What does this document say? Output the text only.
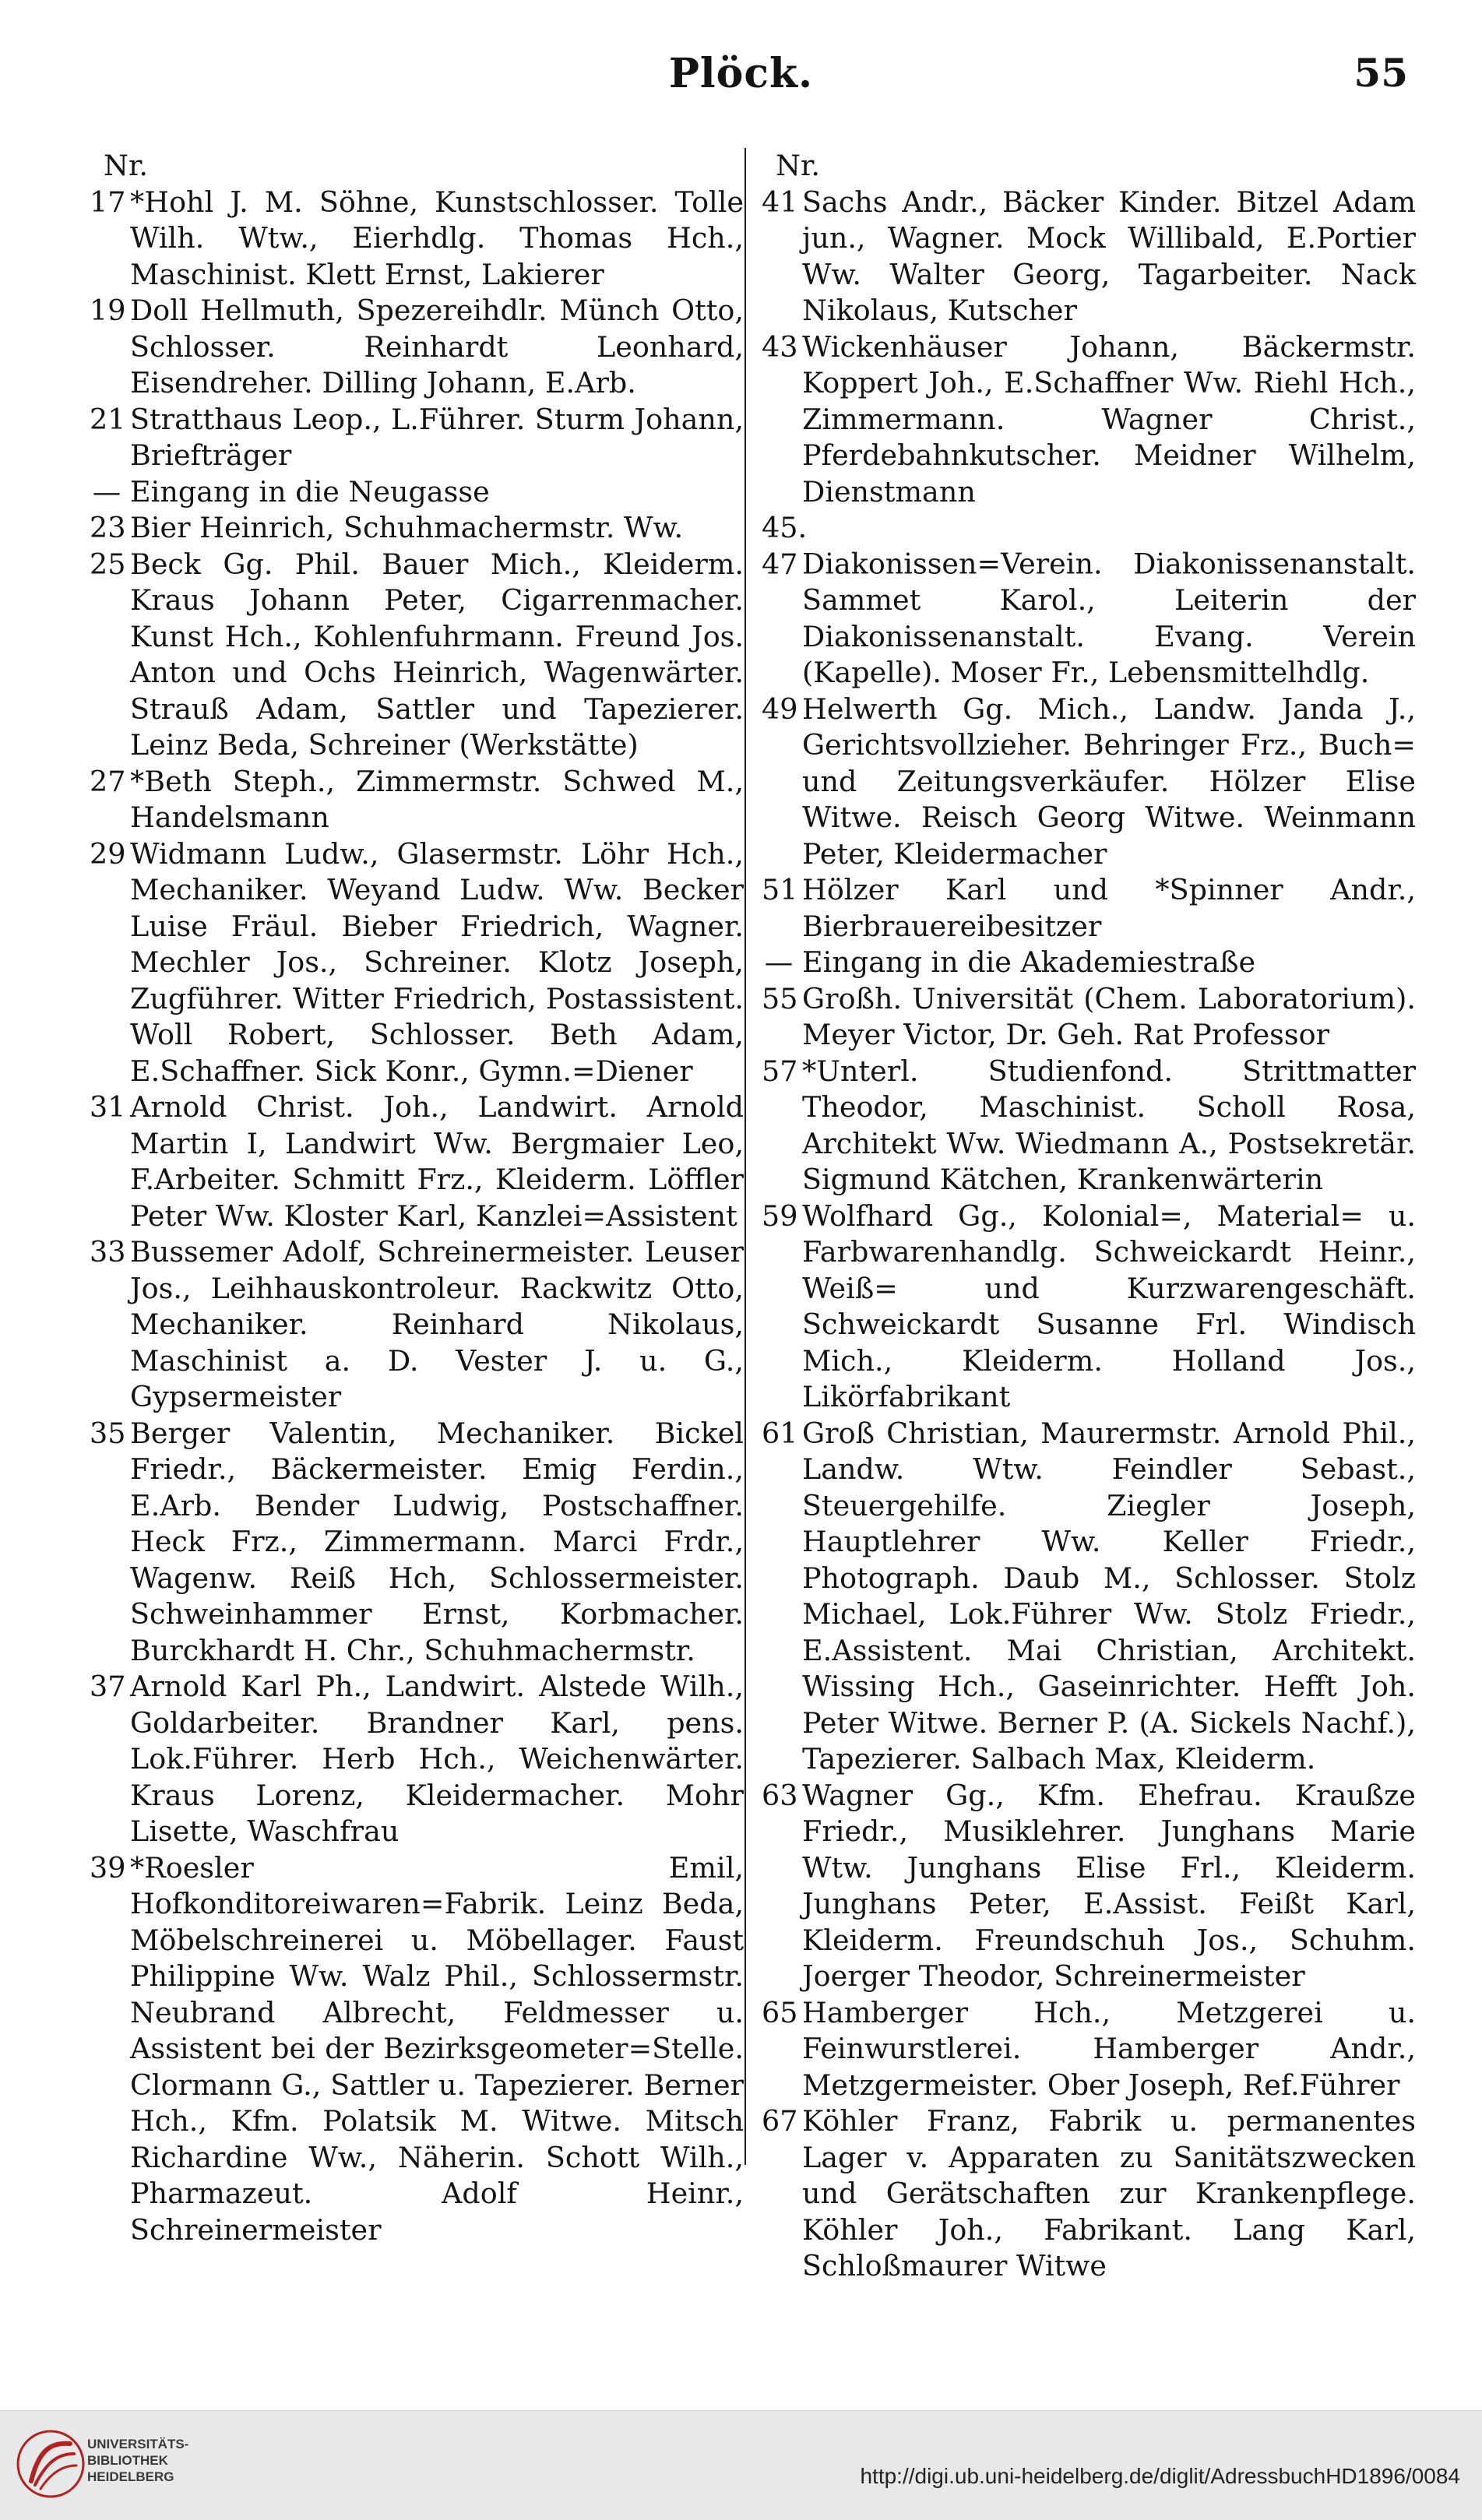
Plöck.	55
Nr.
17 *Hohl J. M. Söhne, Kunstschlosser. Tolle Wilh. Wtw., Eierhdlg. Thomas Hch., Maschinist. Klett Ernst, Lakierer
19 Doll Hellmuth, Spezereihdlr. Münch Otto, Schlosser. Reinhardt Leonhard, Eisendreher. Dilling Johann, E.Arb.
21 Stratthaus Leop., L.Führer. Sturm Johann, Briefträger
— Eingang in die Neugasse
23 Bier Heinrich, Schuhmachermstr. Ww.
25 Beck Gg. Phil. Bauer Mich., Kleiderm. Kraus Johann Peter, Cigarrenmacher. Kunst Hch., Kohlenfuhrmann. Freund Jos. Anton und Ochs Heinrich, Wagenwärter. Strauß Adam, Sattler und Tapezierer. Leinz Beda, Schreiner (Werkstätte)
27 *Beth Steph., Zimmermstr. Schwed M., Handelsmann
29 Widmann Ludw., Glasermstr. Löhr Hch., Mechaniker. Weyand Ludw. Ww. Becker Luise Fräul. Bieber Friedrich, Wagner. Mechler Jos., Schreiner. Klotz Joseph, Zugführer. Witter Friedrich, Postassistent. Woll Robert, Schlosser. Beth Adam, E.Schaffner. Sick Konr., Gymn.=Diener
31 Arnold Christ. Joh., Landwirt. Arnold Martin I, Landwirt Ww. Bergmaier Leo, F.Arbeiter. Schmitt Frz., Kleiderm. Löffler Peter Ww. Kloster Karl, Kanzlei=Assistent
33 Bussemer Adolf, Schreinermeister. Leuser Jos., Leihhauskontroleur. Rackwitz Otto, Mechaniker. Reinhard Nikolaus, Maschinist a. D. Vester J. u. G., Gypsermeister
35 Berger Valentin, Mechaniker. Bickel Friedr., Bäckermeister. Emig Ferdin., E.Arb. Bender Ludwig, Postschaffner. Heck Frz., Zimmermann. Marci Frdr., Wagenw. Reiß Hch, Schlossermeister. Schweinhammer Ernst, Korbmacher. Burckhardt H. Chr., Schuhmachermstr.
37 Arnold Karl Ph., Landwirt. Alstede Wilh., Goldarbeiter. Brandner Karl, pens. Lok.Führer. Herb Hch., Weichenwärter. Kraus Lorenz, Kleidermacher. Mohr Lisette, Waschfrau
39 *Roesler Emil, Hofkonditoreiwaren=Fabrik. Leinz Beda, Möbelschreinerei u. Möbellager. Faust Philippine Ww. Walz Phil., Schlossermstr. Neubrand Albrecht, Feldmesser u. Assistent bei der Bezirksgeometer=Stelle. Clormann G., Sattler u. Tapezierer. Berner Hch., Kfm. Polatsik M. Witwe. Mitsch Richardine Ww., Näherin. Schott Wilh., Pharmazeut. Adolf Heinr., Schreinermeister
Nr.
41 Sachs Andr., Bäcker Kinder. Bitzel Adam jun., Wagner. Mock Willibald, E.Portier Ww. Walter Georg, Tagarbeiter. Nack Nikolaus, Kutscher
43 Wickenhäuser Johann, Bäckermstr. Koppert Joh., E.Schaffner Ww. Riehl Hch., Zimmermann. Wagner Christ., Pferdebahnkutscher. Meidner Wilhelm, Dienstmann
45. 47 Diakonissen=Verein. Diakonissenanstalt. Sammet Karol., Leiterin der Diakonissenanstalt. Evang. Verein (Kapelle). Moser Fr., Lebensmittelhdlg.
49 Helwerth Gg. Mich., Landw. Janda J., Gerichtsvollzieher. Behringer Frz., Buch= und Zeitungsverkäufer. Hölzer Elise Witwe. Reisch Georg Witwe. Weinmann Peter, Kleidermacher
51 Hölzer Karl und *Spinner Andr., Bierbrauereibesitzer
— Eingang in die Akademiestraße
55 Großh. Universität (Chem. Laboratorium). Meyer Victor, Dr. Geh. Rat Professor
57 *Unterl. Studienfond. Strittmatter Theodor, Maschinist. Scholl Rosa, Architekt Ww. Wiedmann A., Postsekretär. Sigmund Kätchen, Krankenwärterin
59 Wolfhard Gg., Kolonial=, Material= u. Farbwarenhandlg. Schweickardt Heinr., Weiß= und Kurzwarengeschäft. Schweickardt Susanne Frl. Windisch Mich., Kleiderm. Holland Jos., Likörfabrikant
61 Groß Christian, Maurermstr. Arnold Phil., Landw. Wtw. Feindler Sebast., Steuergehilfe. Ziegler Joseph, Hauptlehrer Ww. Keller Friedr., Photograph. Daub M., Schlosser. Stolz Michael, Lok.Führer Ww. Stolz Friedr., E.Assistent. Mai Christian, Architekt. Wissing Hch., Gaseinrichter. Hefft Joh. Peter Witwe. Berner P. (A. Sickels Nachf.), Tapezierer. Salbach Max, Kleiderm.
63 Wagner Gg., Kfm. Ehefrau. Kraußze Friedr., Musiklehrer. Junghans Marie Wtw. Junghans Elise Frl., Kleiderm. Junghans Peter, E.Assist. Feißt Karl, Kleiderm. Freundschuh Jos., Schuhm. Joerger Theodor, Schreinermeister
65 Hamberger Hch., Metzgerei u. Feinwurstlerei. Hamberger Andr., Metzgermeister. Ober Joseph, Ref.Führer
67 Köhler Franz, Fabrik u. permanentes Lager v. Apparaten zu Sanitätszwecken und Gerätschaften zur Krankenpflege. Köhler Joh., Fabrikant. Lang Karl, Schloßmaurer Witwe
UNIVERSITÄTS-
BIBLIOTHEK
HEIDELBERG	http://digi.ub.uni-heidelberg.de/diglit/AdressbuchHD1896/0084
